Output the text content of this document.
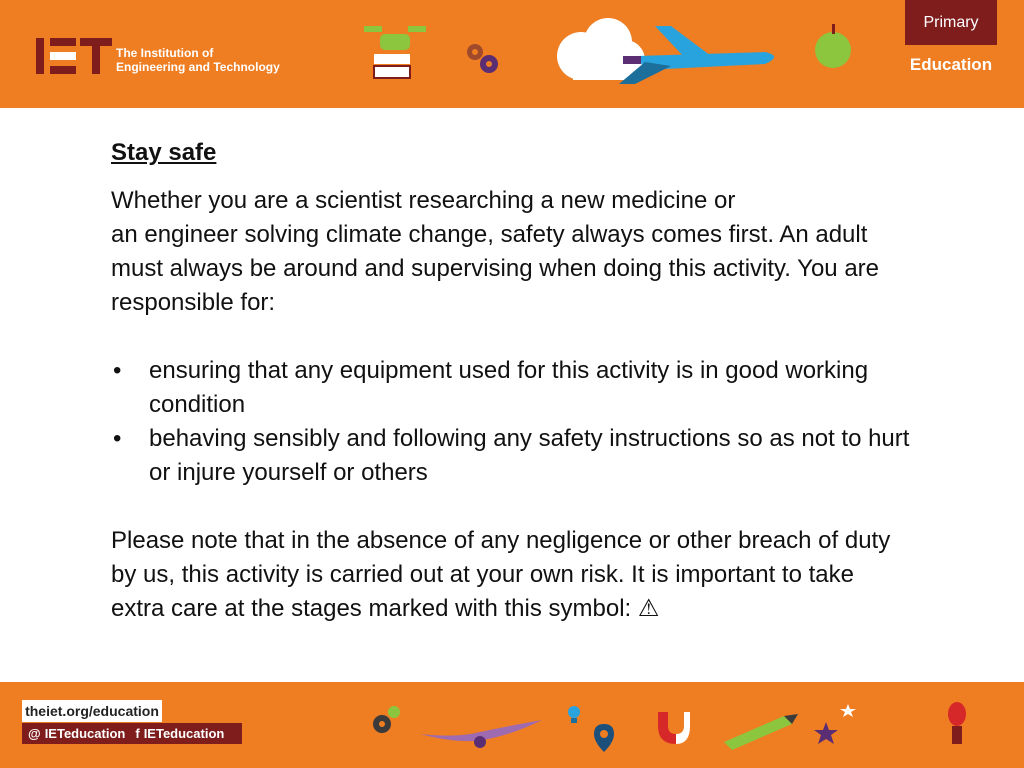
The Institution of
Engineering and Technology
Primary
Education
Stay safe

Whether you are a scientist researching a new medicine or
an engineer solving climate change, safety always comes first. An adult must always be around and supervising when doing this activity. You are responsible for:

• ensuring that any equipment used for this activity is in good working condition
• behaving sensibly and following any safety instructions so as not to hurt or injure yourself or others

Please note that in the absence of any negligence or other breach of duty by us, this activity is carried out at your own risk. It is important to take extra care at the stages marked with this symbol: ⚠

theiet.org/education
@ IETeducation f IETeducation
